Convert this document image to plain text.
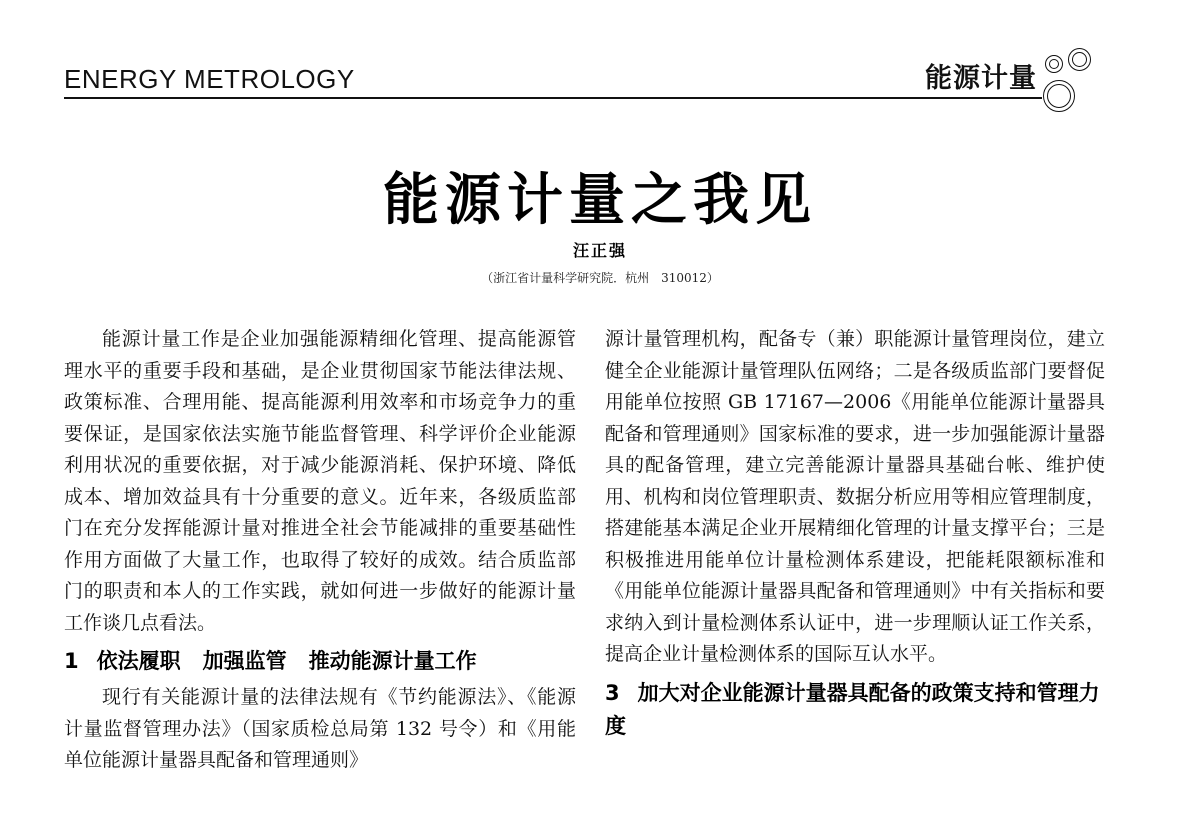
ENERGY METROLOGY	能源计量
能源计量之我见
汪正强
（浙江省计量科学研究院．杭州　310012）

能源计量工作是企业加强能源精细化管理、提高能源管理水平的重要手段和基础，是企业贯彻国家节能法律法规、政策标准、合理用能、提高能源利用效率和市场竞争力的重要保证，是国家依法实施节能监督管理、科学评价企业能源利用状况的重要依据，对于减少能源消耗、保护环境、降低成本、增加效益具有十分重要的意义。近年来，各级质监部门在充分发挥能源计量对推进全社会节能减排的重要基础性作用方面做了大量工作，也取得了较好的成效。结合质监部门的职责和本人的工作实践，就如何进一步做好的能源计量工作谈几点看法。

1 依法履职 加强监管 推动能源计量工作

现行有关能源计量的法律法规有《节约能源法》、《能源计量监督管理办法》（国家质检总局第 132 号令）和《用能单位能源计量器具配备和管理通则》

源计量管理机构，配备专（兼）职能源计量管理岗位，建立健全企业能源计量管理队伍网络；二是各级质监部门要督促用能单位按照 GB 17167—2006《用能单位能源计量器具配备和管理通则》国家标准的要求，进一步加强能源计量器具的配备管理，建立完善能源计量器具基础台帐、维护使用、机构和岗位管理职责、数据分析应用等相应管理制度，搭建能基本满足企业开展精细化管理的计量支撑平台；三是积极推进用能单位计量检测体系建设，把能耗限额标准和《用能单位能源计量器具配备和管理通则》中有关指标和要求纳入到计量检测体系认证中，进一步理顺认证工作关系，提高企业计量检测体系的国际互认水平。

3 加大对企业能源计量器具配备的政策支持和管理力度
